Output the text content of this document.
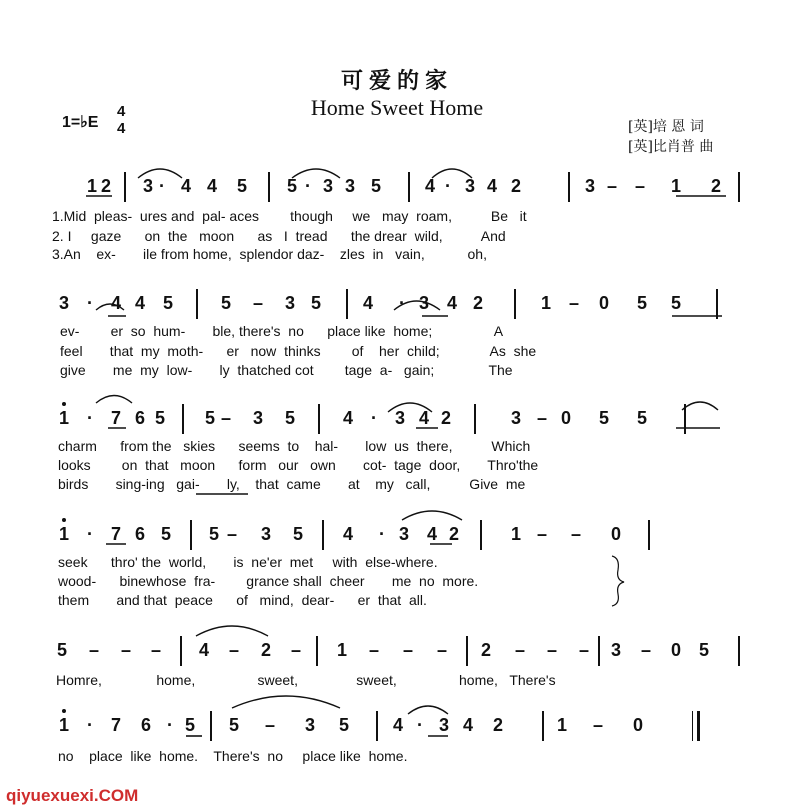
可爱的家
Home Sweet Home
1=♭E
4
4	[英]培 恩 词
[英]比肖普 曲
1 2 3 · 4 4 5 5 · 3 3 5 4 · 3 4 2	3 – – 1 2
3 · 4 4 5	5 – 3 5 4 · 3 4 2	1 – 0 5 5
1 · 7 6 5 5 – 3 5	4 · 3 4 2	3 – 0 5 5
1 · 7 6 5 5 – 3 5 4 · 3 4 2	1 – – 0
5 – – – 4 – 2 – 1 – – – 2 – – – 3 – 0 5
1 · 7 6 · 5 5 – 3 5 4 · 3 4 2	1 – 0
1.Mid  pleas-  ures and  pal- aces        though     we   may  roam,          Be   it
2. I     gaze      on  the   moon      as   I  tread      the drear  wild,          And
3.An    ex-       ile from home,  splendor daz-    zles  in   vain,           oh,
ev-        er  so  hum-       ble, there's  no      place like  home;                A
feel       that  my  moth-      er   now  thinks        of    her  child;             As  she
give       me  my  low-       ly  thatched cot        tage  a-   gain;              The
charm      from the   skies      seems  to    hal-       low  us  there,          Which
looks        on  that   moon      form   our   own       cot-  tage  door,       Thro'the
birds       sing-ing   gai-       ly,    that  came       at    my   call,          Give  me
seek      thro' the  world,       is  ne'er  met     with  else-where.
wood-      binewhose  fra-        grance shall  cheer       me  no  more.
them       and that  peace      of   mind,  dear-      er  that  all.
Homre,              home,                sweet,               sweet,                home,   There's
no    place  like  home.    There's  no     place like  home.
qiyuexuexi.COM
